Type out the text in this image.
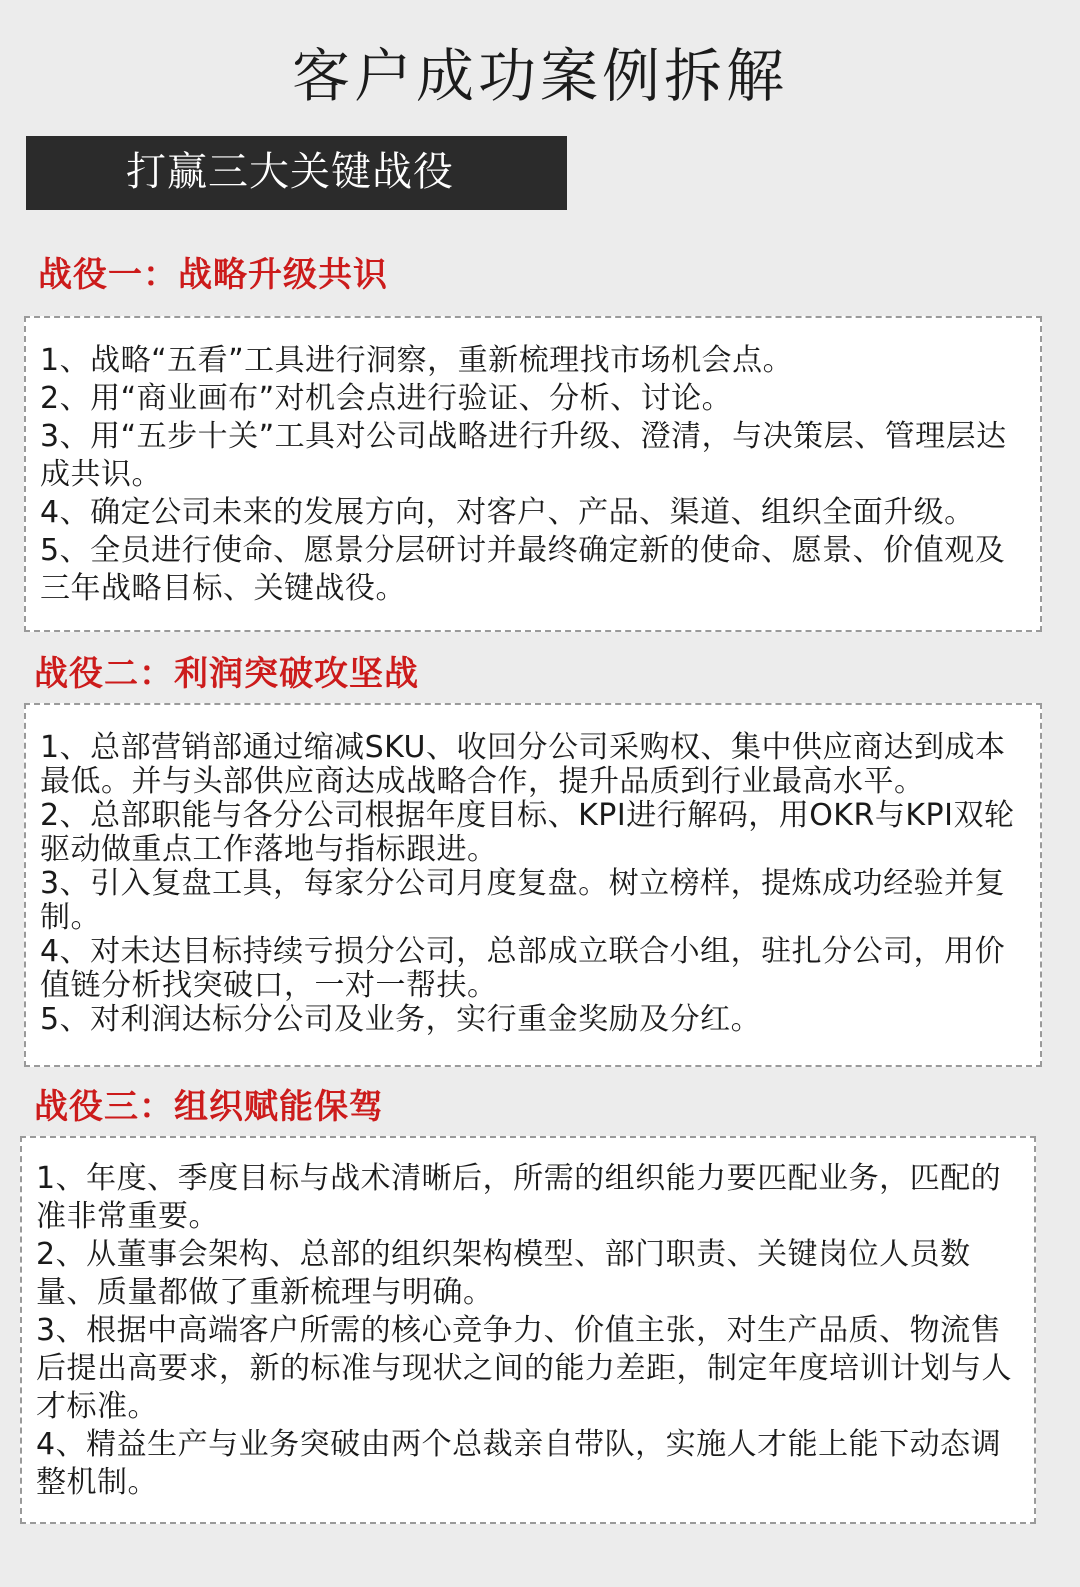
客户成功案例拆解
打赢三大关键战役
战役一：战略升级共识
1、战略“五看”工具进行洞察，重新梳理找市场机会点。
2、用“商业画布”对机会点进行验证、分析、讨论。
3、用“五步十关”工具对公司战略进行升级、澄清，与决策层、管理层达成共识。
4、确定公司未来的发展方向，对客户、产品、渠道、组织全面升级。
5、全员进行使命、愿景分层研讨并最终确定新的使命、愿景、价值观及三年战略目标、关键战役。
战役二：利润突破攻坚战
1、总部营销部通过缩减SKU、收回分公司采购权、集中供应商达到成本最低。并与头部供应商达成战略合作，提升品质到行业最高水平。
2、总部职能与各分公司根据年度目标、KPI进行解码，用OKR与KPI双轮驱动做重点工作落地与指标跟进。
3、引入复盘工具，每家分公司月度复盘。树立榜样，提炼成功经验并复制。
4、对未达目标持续亏损分公司，总部成立联合小组，驻扎分公司，用价值链分析找突破口，一对一帮扶。
5、对利润达标分公司及业务，实行重金奖励及分红。
战役三：组织赋能保驾
1、年度、季度目标与战术清晰后，所需的组织能力要匹配业务，匹配的准非常重要。
2、从董事会架构、总部的组织架构模型、部门职责、关键岗位人员数量、质量都做了重新梳理与明确。
3、根据中高端客户所需的核心竞争力、价值主张，对生产品质、物流售后提出高要求，新的标准与现状之间的能力差距，制定年度培训计划与人才标准。
4、精益生产与业务突破由两个总裁亲自带队，实施人才能上能下动态调整机制。
